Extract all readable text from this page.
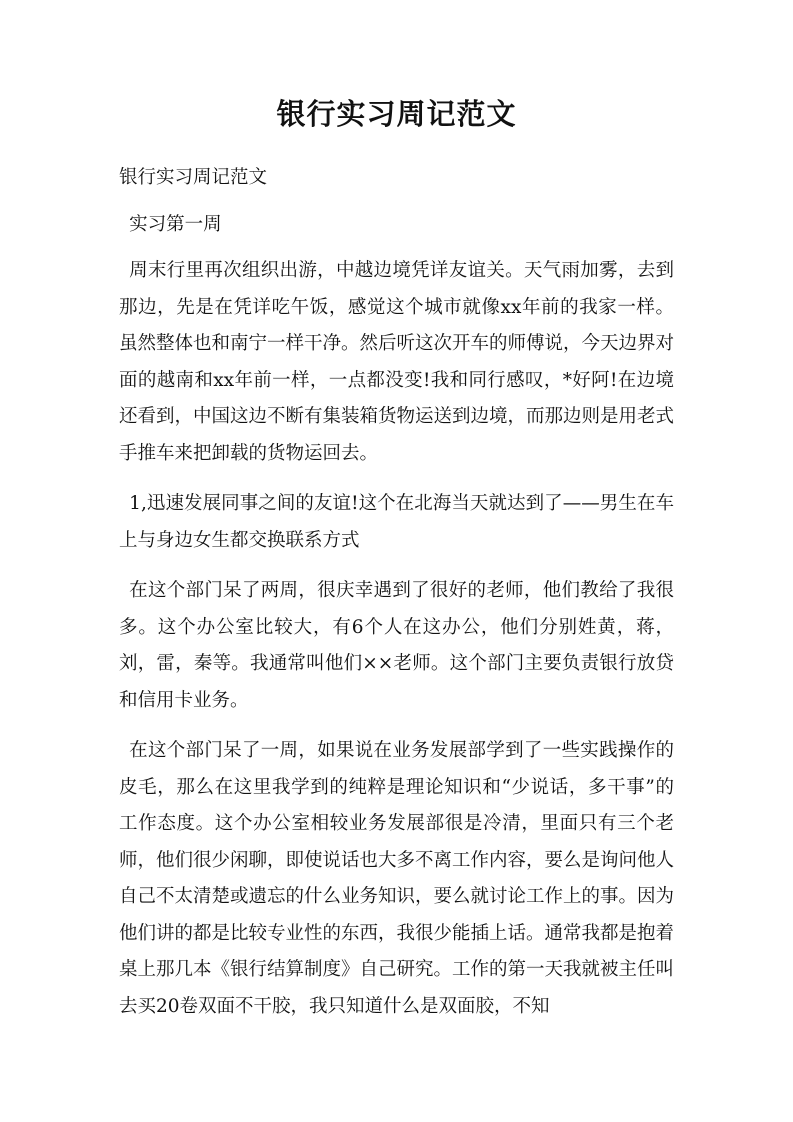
银行实习周记范文

银行实习周记范文

实习第一周

周末行里再次组织出游，中越边境凭详友谊关。天气雨加雾，去到那边，先是在凭详吃午饭，感觉这个城市就像xx年前的我家一样。虽然整体也和南宁一样干净。然后听这次开车的师傅说，今天边界对面的越南和xx年前一样，一点都没变!我和同行感叹，*好阿!在边境还看到，中国这边不断有集装箱货物运送到边境，而那边则是用老式手推车来把卸载的货物运回去。

1,迅速发展同事之间的友谊!这个在北海当天就达到了——男生在车上与身边女生都交换联系方式

在这个部门呆了两周，很庆幸遇到了很好的老师，他们教给了我很多。这个办公室比较大，有6个人在这办公，他们分别姓黄，蒋，刘，雷，秦等。我通常叫他们××老师。这个部门主要负责银行放贷和信用卡业务。

在这个部门呆了一周，如果说在业务发展部学到了一些实践操作的皮毛，那么在这里我学到的纯粹是理论知识和“少说话，多干事”的工作态度。这个办公室相较业务发展部很是冷清，里面只有三个老师，他们很少闲聊，即使说话也大多不离工作内容，要么是询问他人自己不太清楚或遗忘的什么业务知识，要么就讨论工作上的事。因为他们讲的都是比较专业性的东西，我很少能插上话。通常我都是抱着桌上那几本《银行结算制度》自己研究。工作的第一天我就被主任叫去买20卷双面不干胶，我只知道什么是双面胶，不知
